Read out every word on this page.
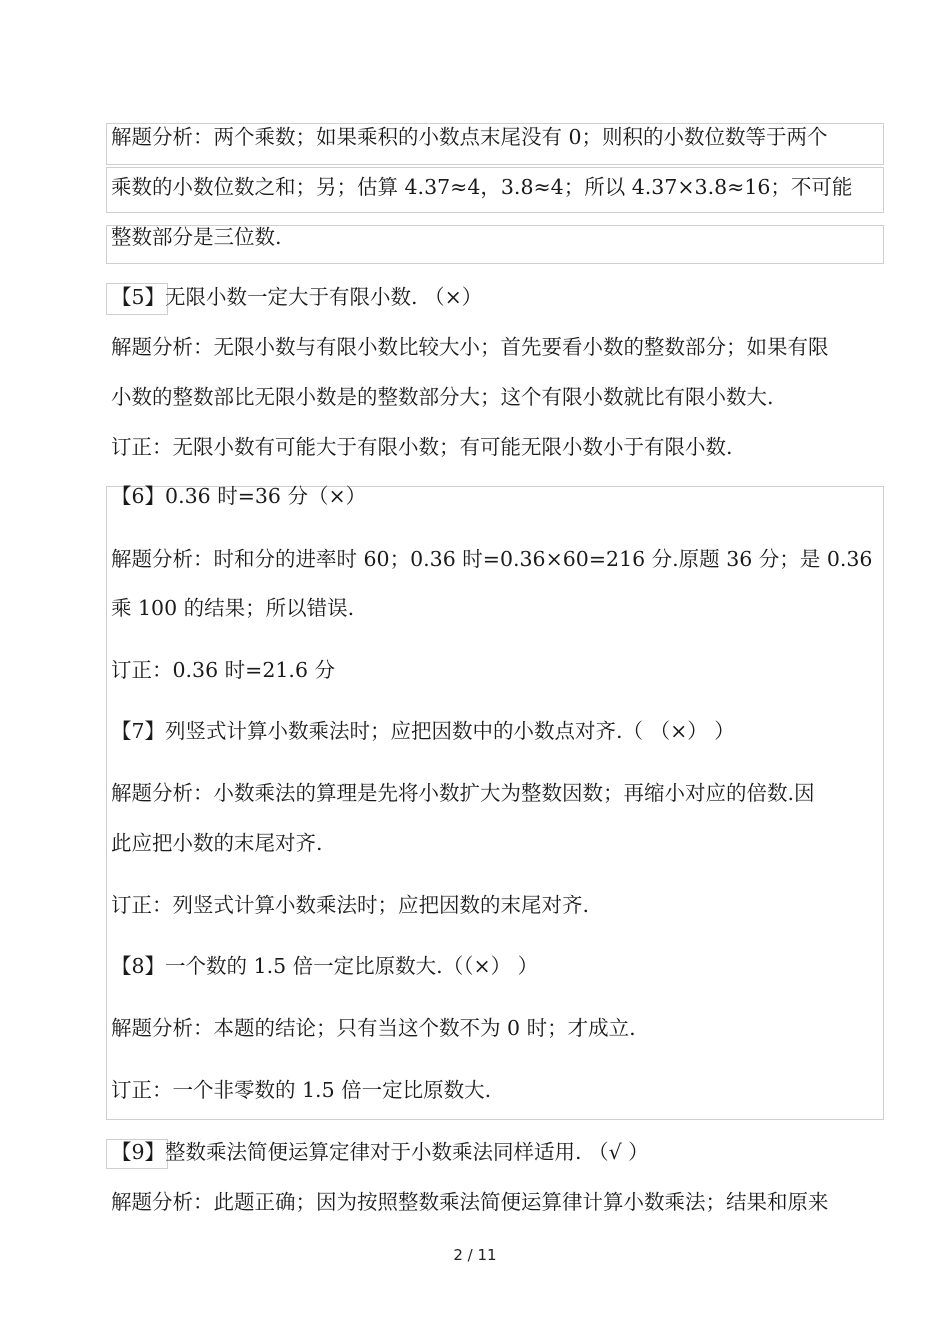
解题分析：两个乘数；如果乘积的小数点末尾没有 0；则积的小数位数等于两个

乘数的小数位数之和；另；估算 4.37≈4，3.8≈4；所以 4.37×3.8≈16；不可能

整数部分是三位数.

【5】无限小数一定大于有限小数. （×）

解题分析：无限小数与有限小数比较大小；首先要看小数的整数部分；如果有限

小数的整数部比无限小数是的整数部分大；这个有限小数就比有限小数大.

订正：无限小数有可能大于有限小数；有可能无限小数小于有限小数.

【6】0.36 时=36 分（×）

解题分析：时和分的进率时 60；0.36 时=0.36×60=216 分.原题 36 分；是 0.36

乘 100 的结果；所以错误.

订正：0.36 时=21.6 分

【7】列竖式计算小数乘法时；应把因数中的小数点对齐.（ （×） ）

解题分析：小数乘法的算理是先将小数扩大为整数因数；再缩小对应的倍数.因

此应把小数的末尾对齐.

订正：列竖式计算小数乘法时；应把因数的末尾对齐.

【8】一个数的 1.5 倍一定比原数大.（（×） ）

解题分析：本题的结论；只有当这个数不为 0 时；才成立.

订正：一个非零数的 1.5 倍一定比原数大.

【9】整数乘法简便运算定律对于小数乘法同样适用. （√ ）

解题分析：此题正确；因为按照整数乘法简便运算律计算小数乘法；结果和原来

2 / 11
